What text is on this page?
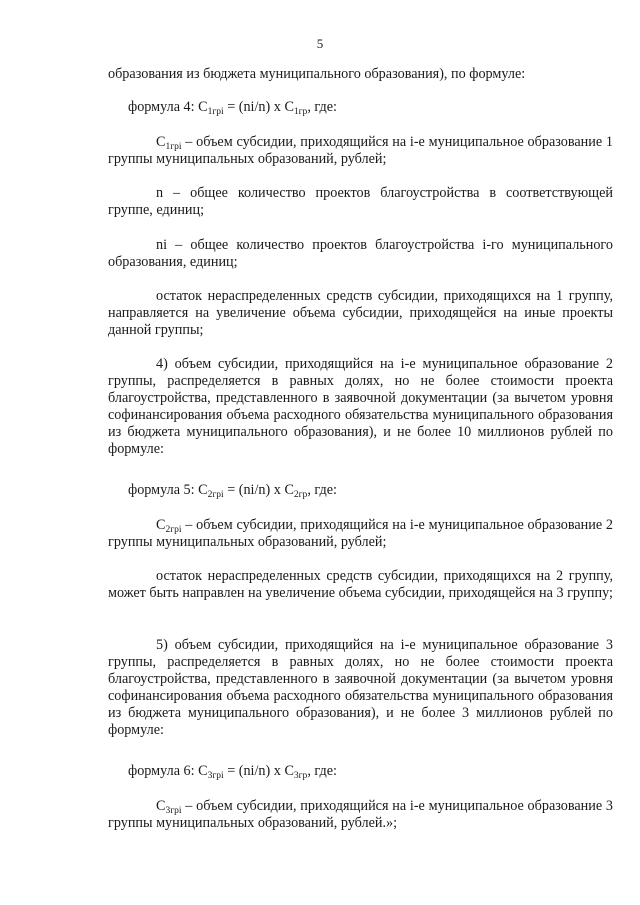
5

образования из бюджета муниципального образования), по формуле:

формула 4: $C_{1грi} = (ni/n)$ x $C_{1гр}$, где:

$C_{1грi}$ – объем субсидии, приходящийся на i-е муниципальное образование 1 группы муниципальных образований, рублей;

n – общее количество проектов благоустройства в соответствующей группе, единиц;

ni – общее количество проектов благоустройства i-го муниципального образования, единиц;

остаток нераспределенных средств субсидии, приходящихся на 1 группу, направляется на увеличение объема субсидии, приходящейся на иные проекты данной группы;

4) объем субсидии, приходящийся на i-е муниципальное образование 2 группы, распределяется в равных долях, но не более стоимости проекта благоустройства, представленного в заявочной документации (за вычетом уровня софинансирования объема расходного обязательства муниципального образования из бюджета муниципального образования), и не более 10 миллионов рублей по формуле:

формула 5: $C_{2грi} = (ni/n)$ x $C_{2гр}$, где:

$C_{2грi}$ – объем субсидии, приходящийся на i-е муниципальное образование 2 группы муниципальных образований, рублей;

остаток нераспределенных средств субсидии, приходящихся на 2 группу, может быть направлен на увеличение объема субсидии, приходящейся на 3 группу;

5) объем субсидии, приходящийся на i-е муниципальное образование 3 группы, распределяется в равных долях, но не более стоимости проекта благоустройства, представленного в заявочной документации (за вычетом уровня софинансирования объема расходного обязательства муниципального образования из бюджета муниципального образования), и не более 3 миллионов рублей по формуле:

формула 6: $C_{3грi} = (ni/n)$ x $C_{3гр}$, где:

$C_{3грi}$ – объем субсидии, приходящийся на i-е муниципальное образование 3 группы муниципальных образований, рублей.»;
